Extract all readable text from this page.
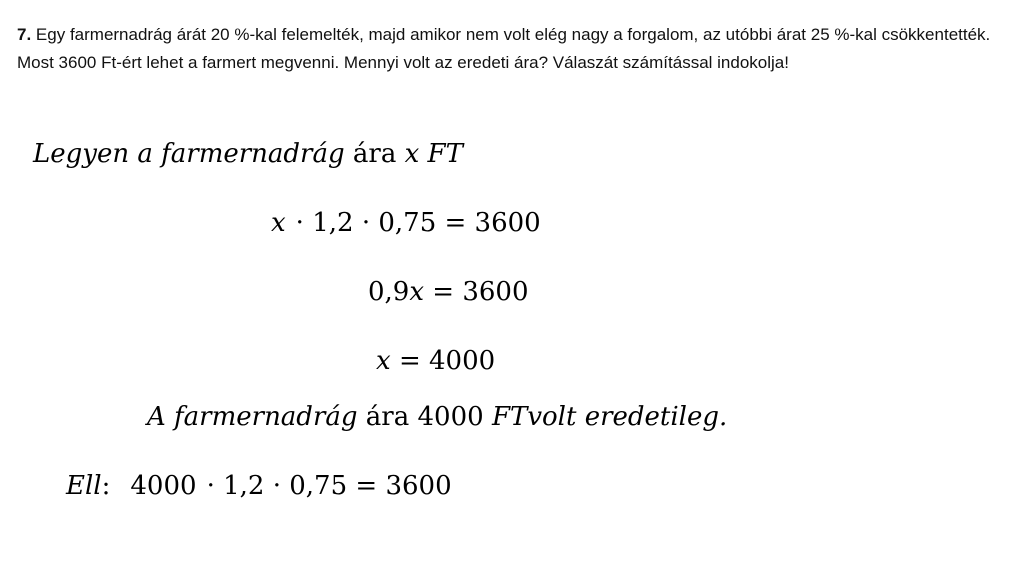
7. Egy farmernadrág árát 20 %-kal felemelték, majd amikor nem volt elég nagy a forgalom, az utóbbi árat 25 %-kal csökkentették. Most 3600 Ft-ért lehet a farmert megvenni. Mennyi volt az eredeti ára? Válaszát számítással indokolja!

Legyen a farmernadrág ára x FT
x · 1,2 · 0,75 = 3600
0,9x = 3600
x = 4000
A farmernadrág ára 4000 FTvolt eredetileg.
Ell: 4000 · 1,2 · 0,75 = 3600
